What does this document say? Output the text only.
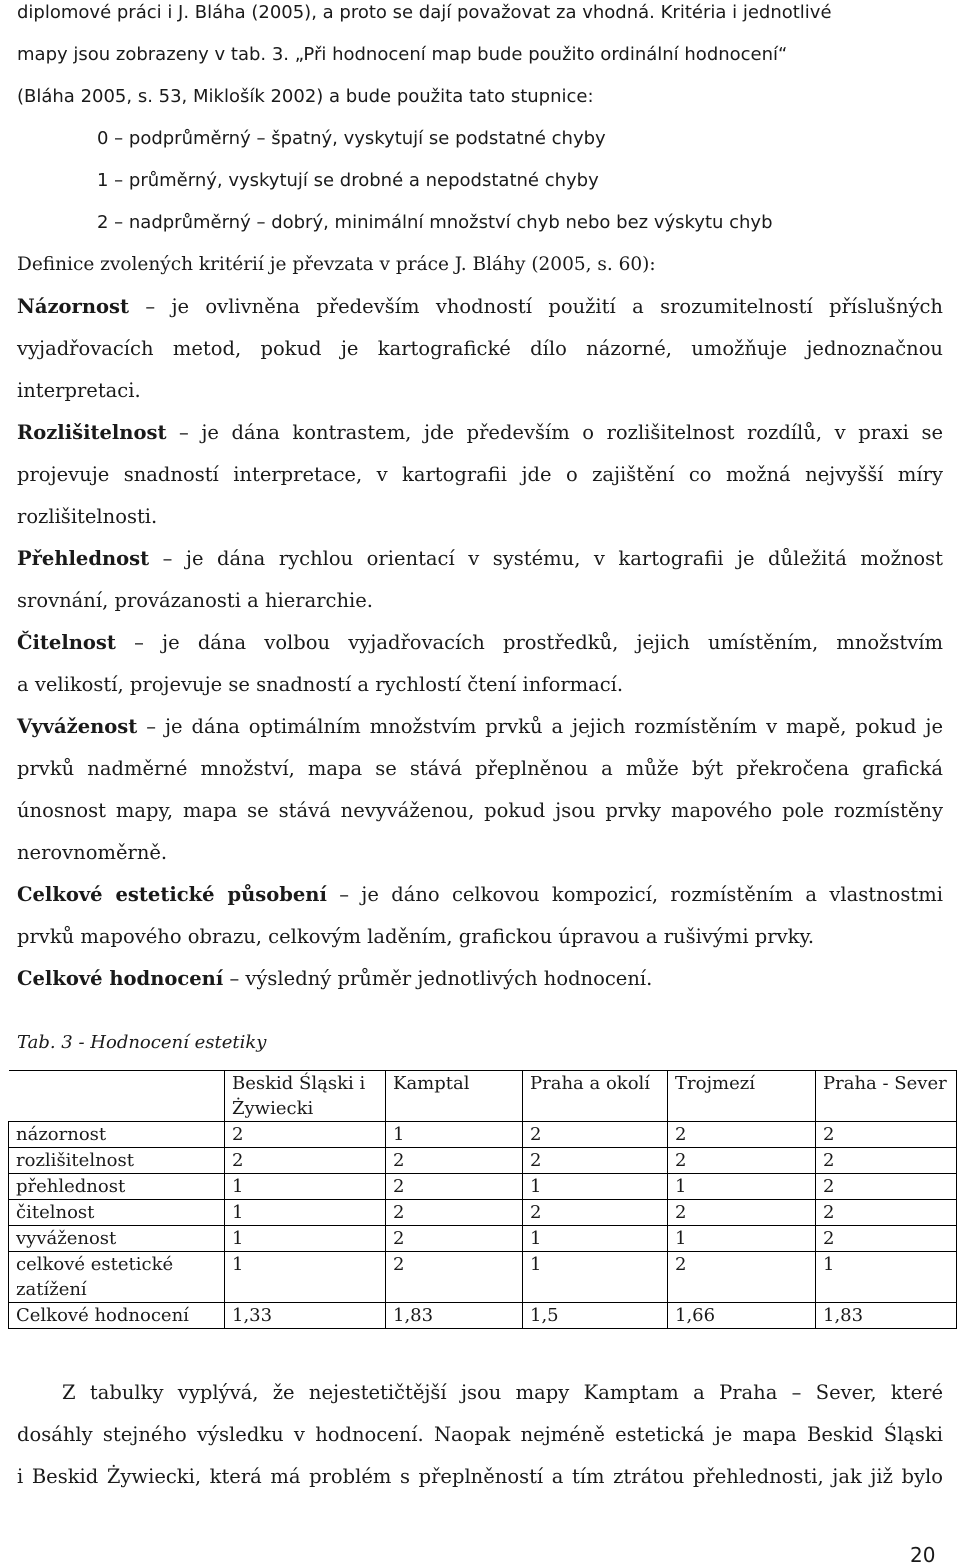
diplomové práci i J. Bláha (2005), a proto se dají považovat za vhodná. Kritéria i jednotlivé
mapy jsou zobrazeny v tab. 3. „Při hodnocení map bude použito ordinální hodnocení“
(Bláha 2005, s. 53, Miklošík 2002) a bude použita tato stupnice:
0 – podprůměrný – špatný, vyskytují se podstatné chyby
1 – průměrný, vyskytují se drobné a nepodstatné chyby
2 – nadprůměrný – dobrý, minimální množství chyb nebo bez výskytu chyb
Definice zvolených kritérií je převzata v práce J. Bláhy (2005, s. 60):
Názornost – je ovlivněna především vhodností použití a srozumitelností příslušných
vyjadřovacích metod, pokud je kartografické dílo názorné, umožňuje jednoznačnou
interpretaci.
Rozlišitelnost – je dána kontrastem, jde především o rozlišitelnost rozdílů, v praxi se
projevuje snadností interpretace, v kartografii jde o zajištění co možná nejvyšší míry
rozlišitelnosti.
Přehlednost – je dána rychlou orientací v systému, v kartografii je důležitá možnost
srovnání, provázanosti a hierarchie.
Čitelnost – je dána volbou vyjadřovacích prostředků, jejich umístěním, množstvím
a velikostí, projevuje se snadností a rychlostí čtení informací.
Vyváženost – je dána optimálním množstvím prvků a jejich rozmístěním v mapě, pokud je
prvků nadměrné množství, mapa se stává přeplněnou a může být překročena grafická
únosnost mapy, mapa se stává nevyváženou, pokud jsou prvky mapového pole rozmístěny
nerovnoměrně.
Celkové estetické působení – je dáno celkovou kompozicí, rozmístěním a vlastnostmi
prvků mapového obrazu, celkovým laděním, grafickou úpravou a rušivými prvky.
Celkové hodnocení – výsledný průměr jednotlivých hodnocení.
Tab. 3 - Hodnocení estetiky
	Beskid Śląski i Żywiecki	Kamptal	Praha a okolí	Trojmezí	Praha - Sever
názornost	2	1	2	2	2
rozlišitelnost	2	2	2	2	2
přehlednost	1	2	1	1	2
čitelnost	1	2	2	2	2
vyváženost	1	2	1	1	2
celkové estetické zatížení	1	2	1	2	1
Celkové hodnocení	1,33	1,83	1,5	1,66	1,83
Z tabulky vyplývá, že nejestetičtější jsou mapy Kamptam a Praha – Sever, které
dosáhly stejného výsledku v hodnocení. Naopak nejméně estetická je mapa Beskid Śląski
i Beskid Żywiecki, která má problém s přeplněností a tím ztrátou přehlednosti, jak již bylo
20
